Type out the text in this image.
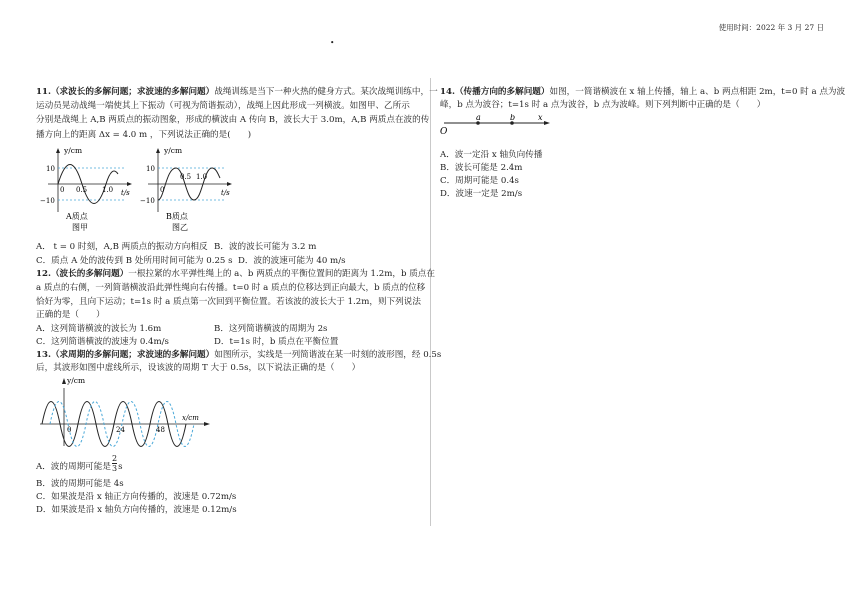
使用时间：2022 年 3 月 27 日
•
11.（求波长的多解问题；求波速的多解问题）战绳训练是当下一种火热的健身方式。某次战绳训练中，一
运动员晃动战绳一端使其上下振动（可视为简谐振动），战绳上因此形成一列横波。如图甲、乙所示
分别是战绳上 A,B 两质点的振动图象，形成的横波由 A 传向 B，波长大于 3.0m，A,B 两质点在波的传
播方向上的距离 Δx = 4.0 m ，下列说法正确的是(　　)
y/cm
10
−10
0 0.5 1.0 t/s
A质点
图甲
y/cm
10
−10
0
0.5 1.0
t/s
B质点
图乙
A． t = 0 时刻，A,B 两质点的振动方向相反 B．波的波长可能为 3.2 m
C．质点 A 处的波传到 B 处所用时间可能为 0.25 s D．波的波速可能为 40 m/s
12.（波长的多解问题）一根拉紧的水平弹性绳上的 a、b 两质点的平衡位置间的距离为 1.2m，b 质点在
a 质点的右侧，一列简谐横波沿此弹性绳向右传播。t=0 时 a 质点的位移达到正向最大，b 质点的位移
恰好为零，且向下运动；t=1s 时 a 质点第一次回到平衡位置。若该波的波长大于 1.2m，则下列说法
正确的是（　　）
A．这列简谐横波的波长为 1.6m	B．这列简谐横波的周期为 2s
C．这列简谐横波的波速为 0.4m/s	D．t=1s 时，b 质点在平衡位置
13.（求周期的多解问题；求波速的多解问题）如图所示，实线是一列简谐波在某一时刻的波形图，经 0.5s
后，其波形如图中虚线所示，设该波的周期 T 大于 0.5s，以下说法正确的是（　　）
y/cm
0	24	48
x/cm
A．波的周期可能是 $\frac{2}{3}$ s
B．波的周期可能是 4s
C．如果波是沿 x 轴正方向传播的，波速是 0.72m/s
D．如果波是沿 x 轴负方向传播的，波速是 0.12m/s
14.（传播方向的多解问题）如图，一简谐横波在 x 轴上传播，轴上 a、b 两点相距 2m，t=0 时 a 点为波
峰，b 点为波谷；t=1s 时 a 点为波谷，b 点为波峰。则下列判断中正确的是（　　）
O
a	b	x
A．波一定沿 x 轴负向传播
B．波长可能是 2.4m
C．周期可能是 0.4s
D．波速一定是 2m/s
